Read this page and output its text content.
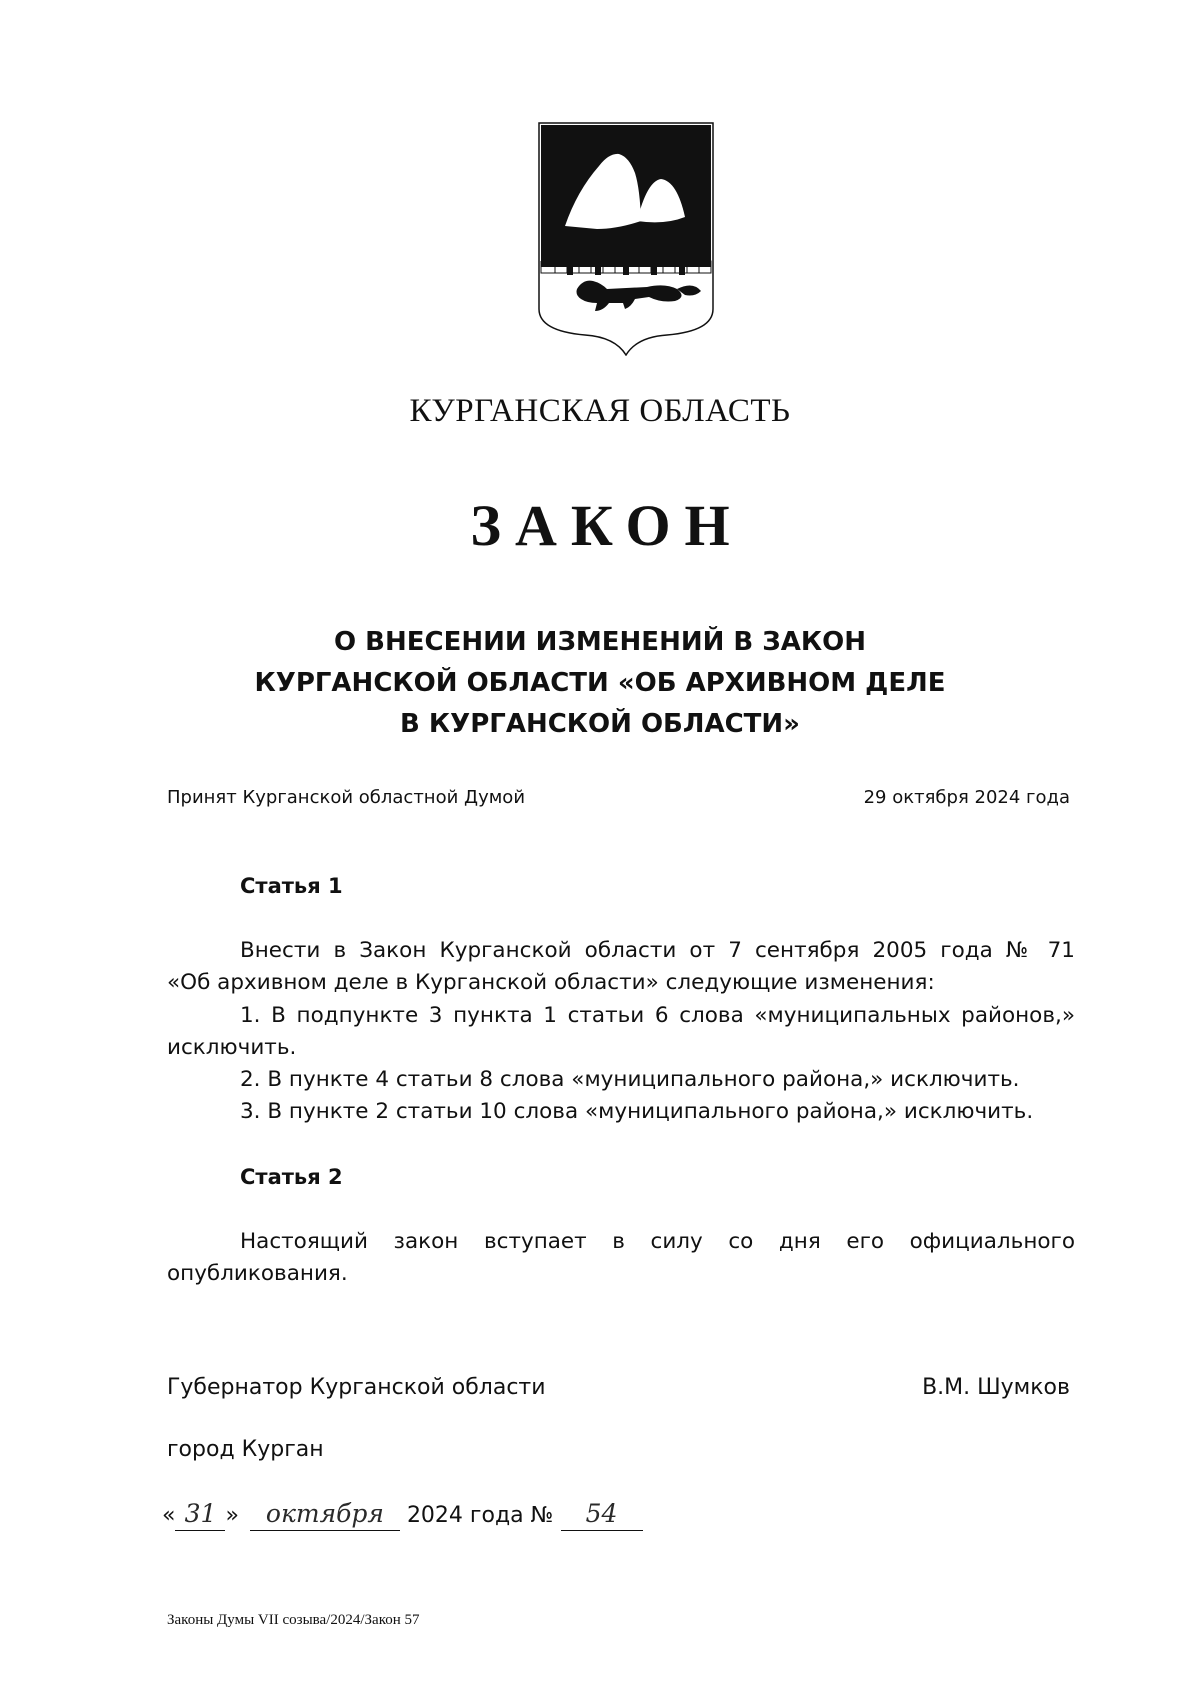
КУРГАНСКАЯ ОБЛАСТЬ
ЗАКОН
О ВНЕСЕНИИ ИЗМЕНЕНИЙ В ЗАКОН
КУРГАНСКОЙ ОБЛАСТИ «ОБ АРХИВНОМ ДЕЛЕ
В КУРГАНСКОЙ ОБЛАСТИ»
Принят Курганской областной Думой	29 октября 2024 года
Статья 1
Внести в Закон Курганской области от 7 сентября 2005 года № 71
«Об архивном деле в Курганской области» следующие изменения:
1. В подпункте 3 пункта 1 статьи 6 слова «муниципальных районов,»
исключить.
2. В пункте 4 статьи 8 слова «муниципального района,» исключить.
3. В пункте 2 статьи 10 слова «муниципального района,» исключить.
Статья 2
Настоящий закон вступает в силу со дня его официального
опубликования.
Губернатор Курганской области	В.М. Шумков
город Курган
« 31 » октября 2024 года № 54
Законы Думы VII созыва/2024/Закон 57
